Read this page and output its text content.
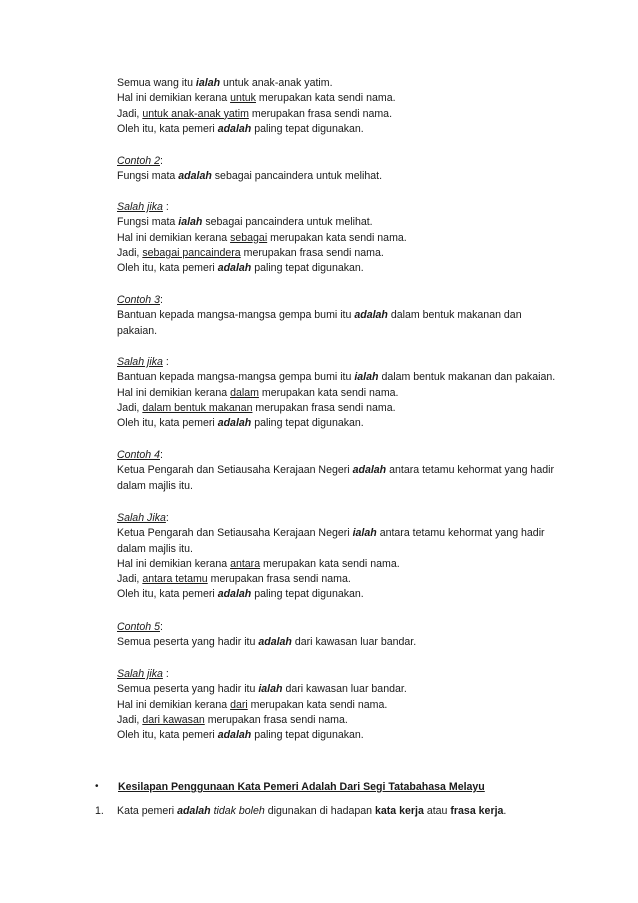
Semua wang itu ialah untuk anak-anak yatim.
Hal ini demikian kerana untuk merupakan kata sendi nama.
Jadi, untuk anak-anak yatim merupakan frasa sendi nama.
Oleh itu, kata pemeri adalah paling tepat digunakan.
Contoh 2:
Fungsi mata adalah sebagai pancaindera untuk melihat.
Salah jika :
Fungsi mata ialah sebagai pancaindera untuk melihat.
Hal ini demikian kerana sebagai merupakan kata sendi nama.
Jadi, sebagai pancaindera merupakan frasa sendi nama.
Oleh itu, kata pemeri adalah paling tepat digunakan.
Contoh 3:
Bantuan kepada mangsa-mangsa gempa bumi itu adalah dalam bentuk makanan dan pakaian.
Salah jika :
Bantuan kepada mangsa-mangsa gempa bumi itu ialah dalam bentuk makanan dan pakaian.
Hal ini demikian kerana dalam merupakan kata sendi nama.
Jadi, dalam bentuk makanan merupakan frasa sendi nama.
Oleh itu, kata pemeri adalah paling tepat digunakan.
Contoh 4:
Ketua Pengarah dan Setiausaha Kerajaan Negeri adalah antara tetamu kehormat yang hadir dalam majlis itu.
Salah Jika:
Ketua Pengarah dan Setiausaha Kerajaan Negeri ialah antara tetamu kehormat yang hadir dalam majlis itu.
Hal ini demikian kerana antara merupakan kata sendi nama.
Jadi, antara tetamu merupakan frasa sendi nama.
Oleh itu, kata pemeri adalah paling tepat digunakan.
Contoh 5:
Semua peserta yang hadir itu adalah dari kawasan luar bandar.
Salah jika :
Semua peserta yang hadir itu ialah dari kawasan luar bandar.
Hal ini demikian kerana dari merupakan kata sendi nama.
Jadi, dari kawasan merupakan frasa sendi nama.
Oleh itu, kata pemeri adalah paling tepat digunakan.
• Kesilapan Penggunaan Kata Pemeri Adalah Dari Segi Tatabahasa Melayu
1. Kata pemeri adalah tidak boleh digunakan di hadapan kata kerja atau frasa kerja.
